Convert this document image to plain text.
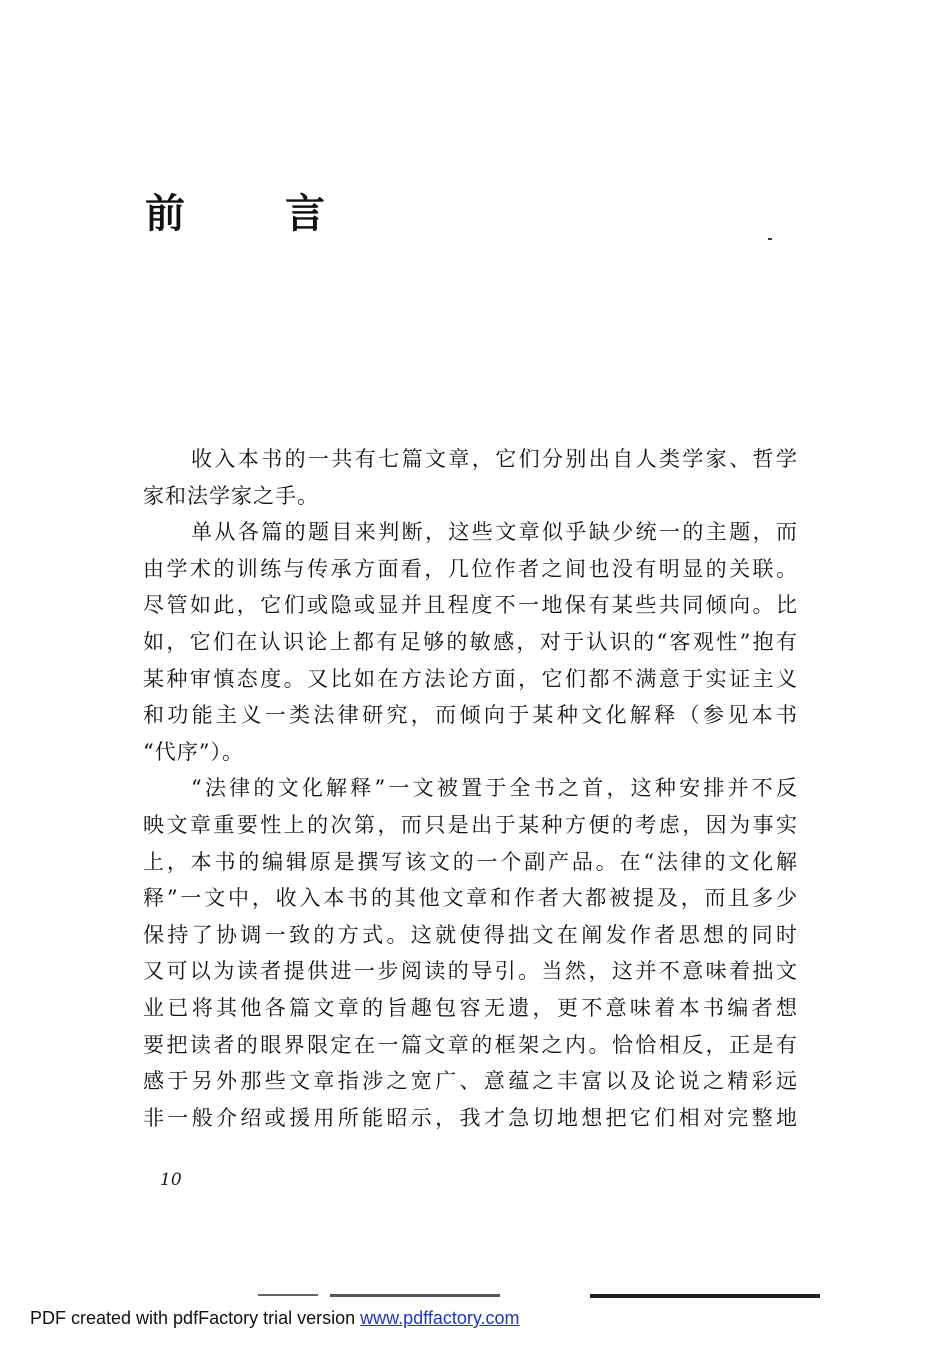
前	言
收入本书的一共有七篇文章，它们分别出自人类学家、哲学
家和法学家之手。
单从各篇的题目来判断，这些文章似乎缺少统一的主题，而
由学术的训练与传承方面看，几位作者之间也没有明显的关联。
尽管如此，它们或隐或显并且程度不一地保有某些共同倾向。比
如，它们在认识论上都有足够的敏感，对于认识的“客观性”抱有
某种审慎态度。又比如在方法论方面，它们都不满意于实证主义
和功能主义一类法律研究，而倾向于某种文化解释（参见本书
“代序”）。
“法律的文化解释”一文被置于全书之首，这种安排并不反
映文章重要性上的次第，而只是出于某种方便的考虑，因为事实
上，本书的编辑原是撰写该文的一个副产品。在“法律的文化解
释”一文中，收入本书的其他文章和作者大都被提及，而且多少
保持了协调一致的方式。这就使得拙文在阐发作者思想的同时
又可以为读者提供进一步阅读的导引。当然，这并不意味着拙文
业已将其他各篇文章的旨趣包容无遗，更不意味着本书编者想
要把读者的眼界限定在一篇文章的框架之内。恰恰相反，正是有
感于另外那些文章指涉之宽广、意蕴之丰富以及论说之精彩远
非一般介绍或援用所能昭示，我才急切地想把它们相对完整地
10
PDF created with pdfFactory trial version www.pdffactory.com
